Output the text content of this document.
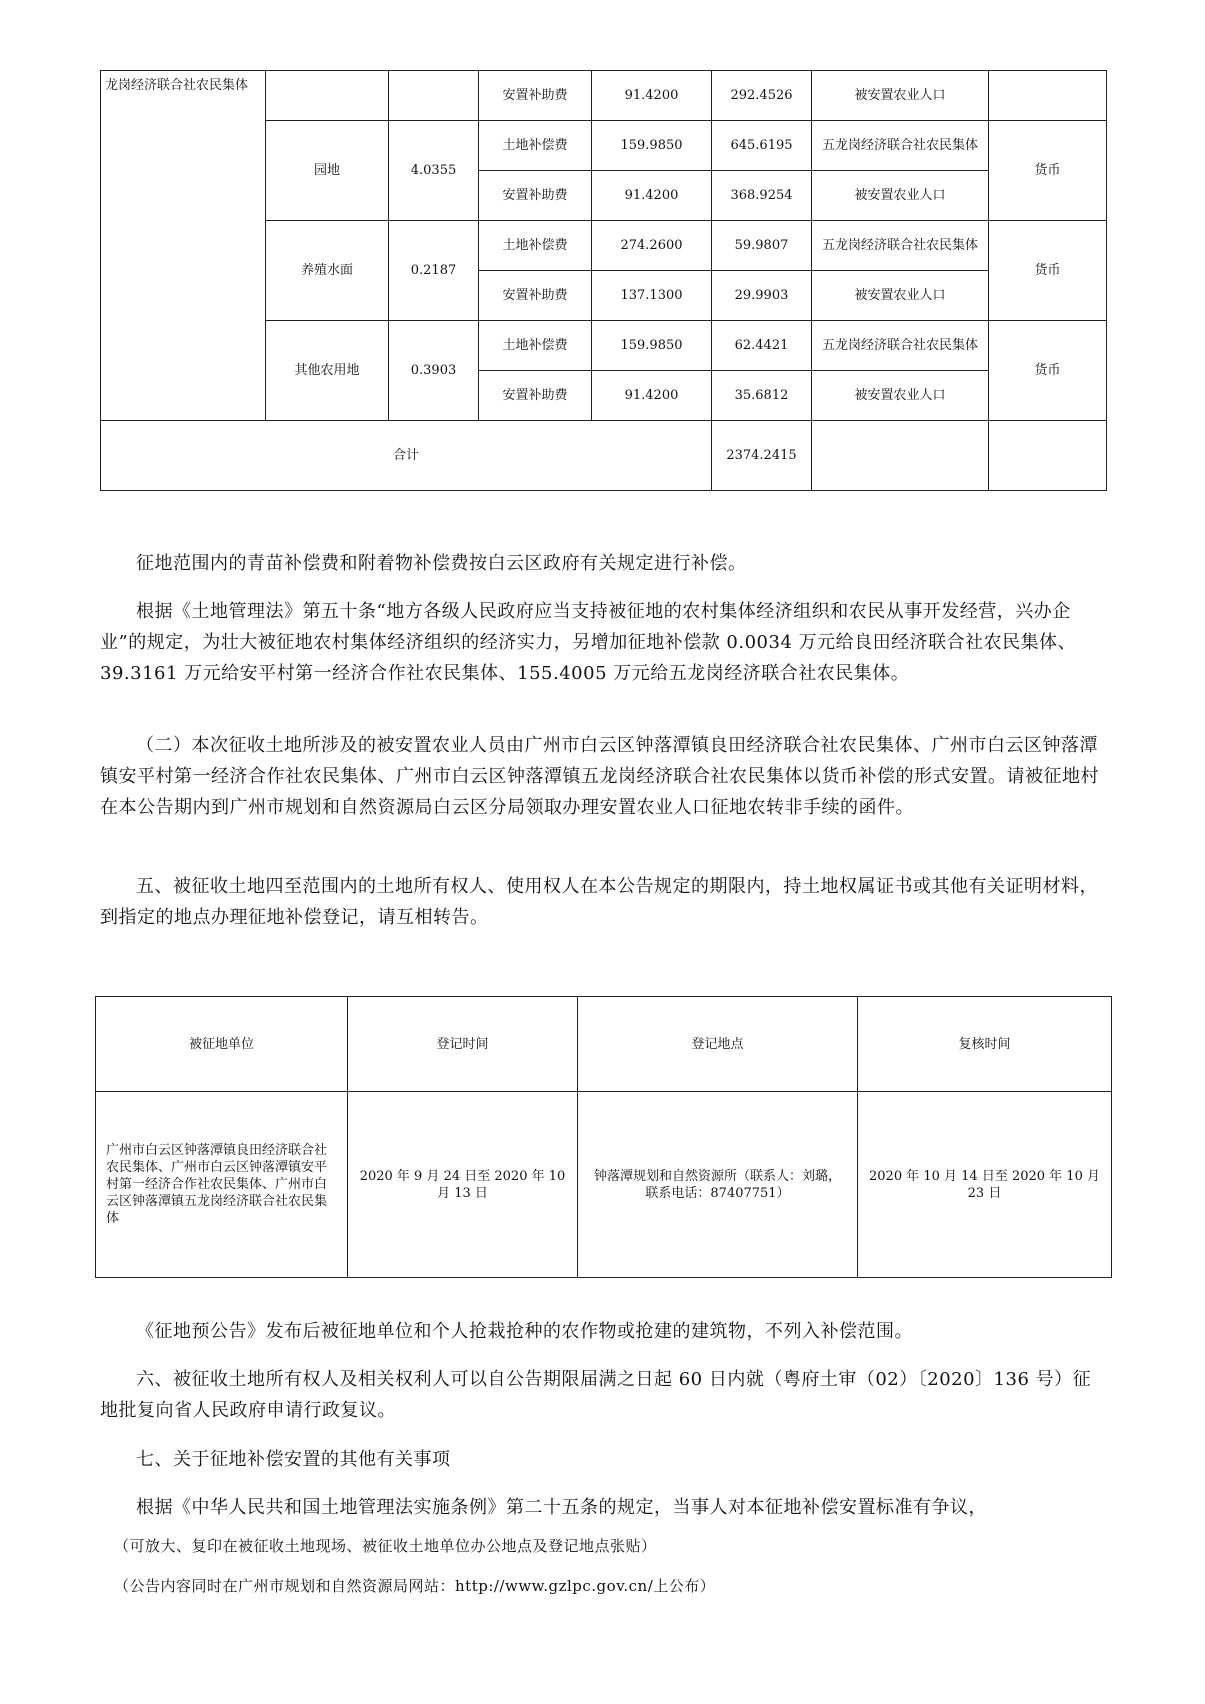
龙岗经济联合社农民集体			安置补助费	91.4200	292.4526	被安置农业人口	
	园地	4.0355	土地补偿费	159.9850	645.6195	五龙岗经济联合社农民集体	货币
			安置补助费	91.4200	368.9254	被安置农业人口	
	养殖水面	0.2187	土地补偿费	274.2600	59.9807	五龙岗经济联合社农民集体	货币
			安置补助费	137.1300	29.9903	被安置农业人口	
	其他农用地	0.3903	土地补偿费	159.9850	62.4421	五龙岗经济联合社农民集体	货币
			安置补助费	91.4200	35.6812	被安置农业人口	
合计					2374.2415		

征地范围内的青苗补偿费和附着物补偿费按白云区政府有关规定进行补偿。

根据《土地管理法》第五十条“地方各级人民政府应当支持被征地的农村集体经济组织和农民从事开发经营，兴办企业”的规定，为壮大被征地农村集体经济组织的经济实力，另增加征地补偿款 0.0034 万元给良田经济联合社农民集体、39.3161 万元给安平村第一经济合作社农民集体、155.4005 万元给五龙岗经济联合社农民集体。

（二）本次征收土地所涉及的被安置农业人员由广州市白云区钟落潭镇良田经济联合社农民集体、广州市白云区钟落潭镇安平村第一经济合作社农民集体、广州市白云区钟落潭镇五龙岗经济联合社农民集体以货币补偿的形式安置。请被征地村在本公告期内到广州市规划和自然资源局白云区分局领取办理安置农业人口征地农转非手续的函件。

五、被征收土地四至范围内的土地所有权人、使用权人在本公告规定的期限内，持土地权属证书或其他有关证明材料，到指定的地点办理征地补偿登记，请互相转告。

被征地单位	登记时间	登记地点	复核时间
广州市白云区钟落潭镇良田经济联合社农民集体、广州市白云区钟落潭镇安平村第一经济合作社农民集体、广州市白云区钟落潭镇五龙岗经济联合社农民集体	2020 年 9 月 24 日至 2020 年 10 月 13 日	钟落潭规划和自然资源所（联系人：刘璐，联系电话：87407751）	2020 年 10 月 14 日至 2020 年 10 月 23 日

《征地预公告》发布后被征地单位和个人抢栽抢种的农作物或抢建的建筑物，不列入补偿范围。

六、被征收土地所有权人及相关权利人可以自公告期限届满之日起 60 日内就（粤府土审（02）〔2020〕136 号）征地批复向省人民政府申请行政复议。

七、关于征地补偿安置的其他有关事项

根据《中华人民共和国土地管理法实施条例》第二十五条的规定，当事人对本征地补偿安置标准有争议，

（可放大、复印在被征收土地现场、被征收土地单位办公地点及登记地点张贴）

（公告内容同时在广州市规划和自然资源局网站：http://www.gzlpc.gov.cn/上公布）
